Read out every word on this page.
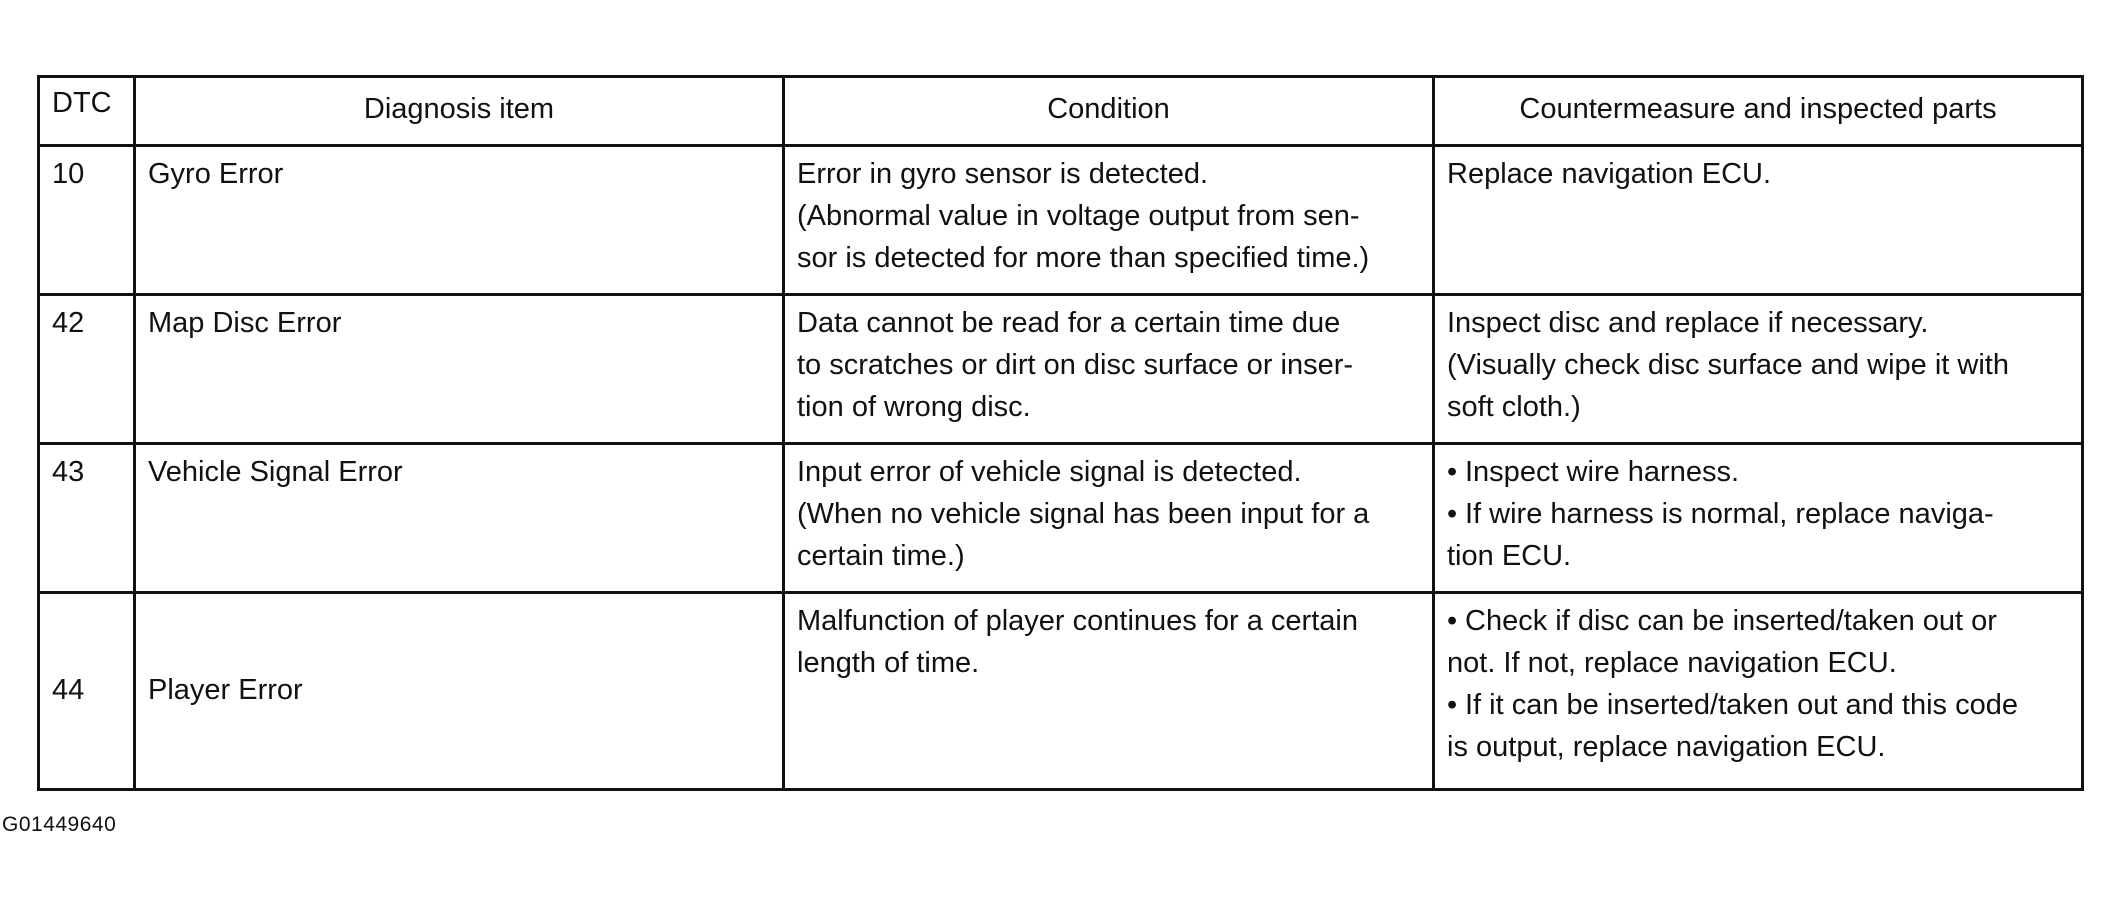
DTC	Diagnosis item	Condition	Countermeasure and inspected parts
10	Gyro Error	Error in gyro sensor is detected.
(Abnormal value in voltage output from sen-
sor is detected for more than specified time.)	Replace navigation ECU.

42	Map Disc Error	Data cannot be read for a certain time due
to scratches or dirt on disc surface or inser-
tion of wrong disc.	Inspect disc and replace if necessary.
(Visually check disc surface and wipe it with
soft cloth.)

43	Vehicle Signal Error	Input error of vehicle signal is detected.
(When no vehicle signal has been input for a
certain time.)	• Inspect wire harness.
• If wire harness is normal, replace naviga-
tion ECU.

44	Player Error	Malfunction of player continues for a certain
length of time.	• Check if disc can be inserted/taken out or
not. If not, replace navigation ECU.
• If it can be inserted/taken out and this code
is output, replace navigation ECU.
G01449640
